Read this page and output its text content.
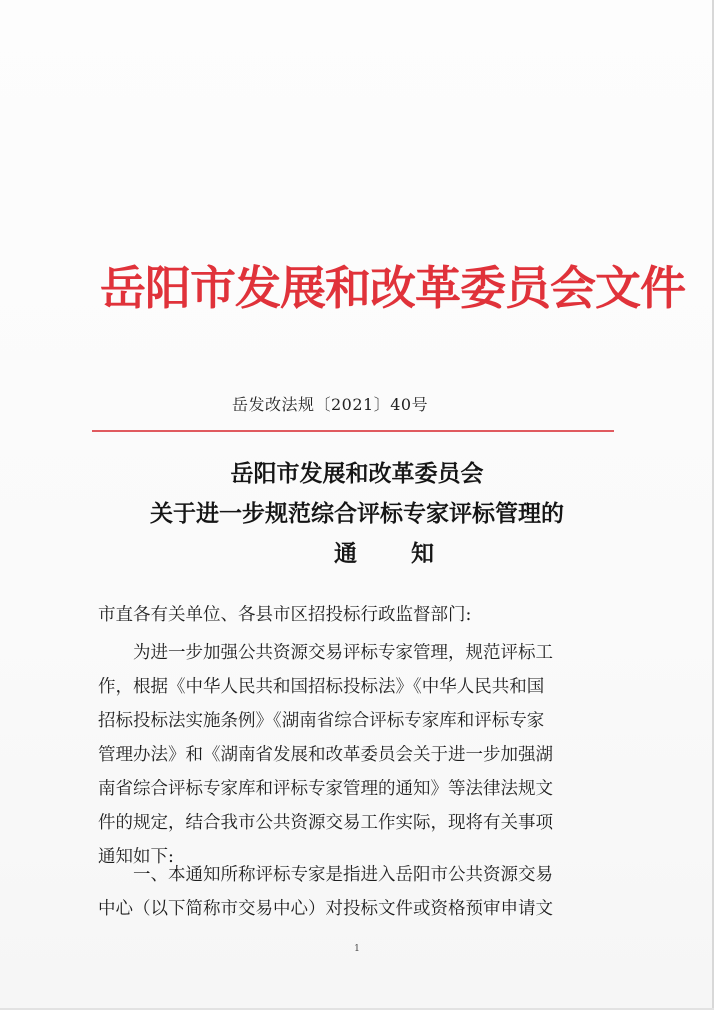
岳阳市发展和改革委员会文件
岳发改法规〔2021〕40号
岳阳市发展和改革委员会
关于进一步规范综合评标专家评标管理的
通知
市直各有关单位、各县市区招投标行政监督部门:
　　为进一步加强公共资源交易评标专家管理，规范评标工
作，根据《中华人民共和国招标投标法》《中华人民共和国
招标投标法实施条例》《湖南省综合评标专家库和评标专家
管理办法》和《湖南省发展和改革委员会关于进一步加强湖
南省综合评标专家库和评标专家管理的通知》等法律法规文
件的规定，结合我市公共资源交易工作实际，现将有关事项
通知如下:
　　一、本通知所称评标专家是指进入岳阳市公共资源交易
中心（以下简称市交易中心）对投标文件或资格预审申请文
1
